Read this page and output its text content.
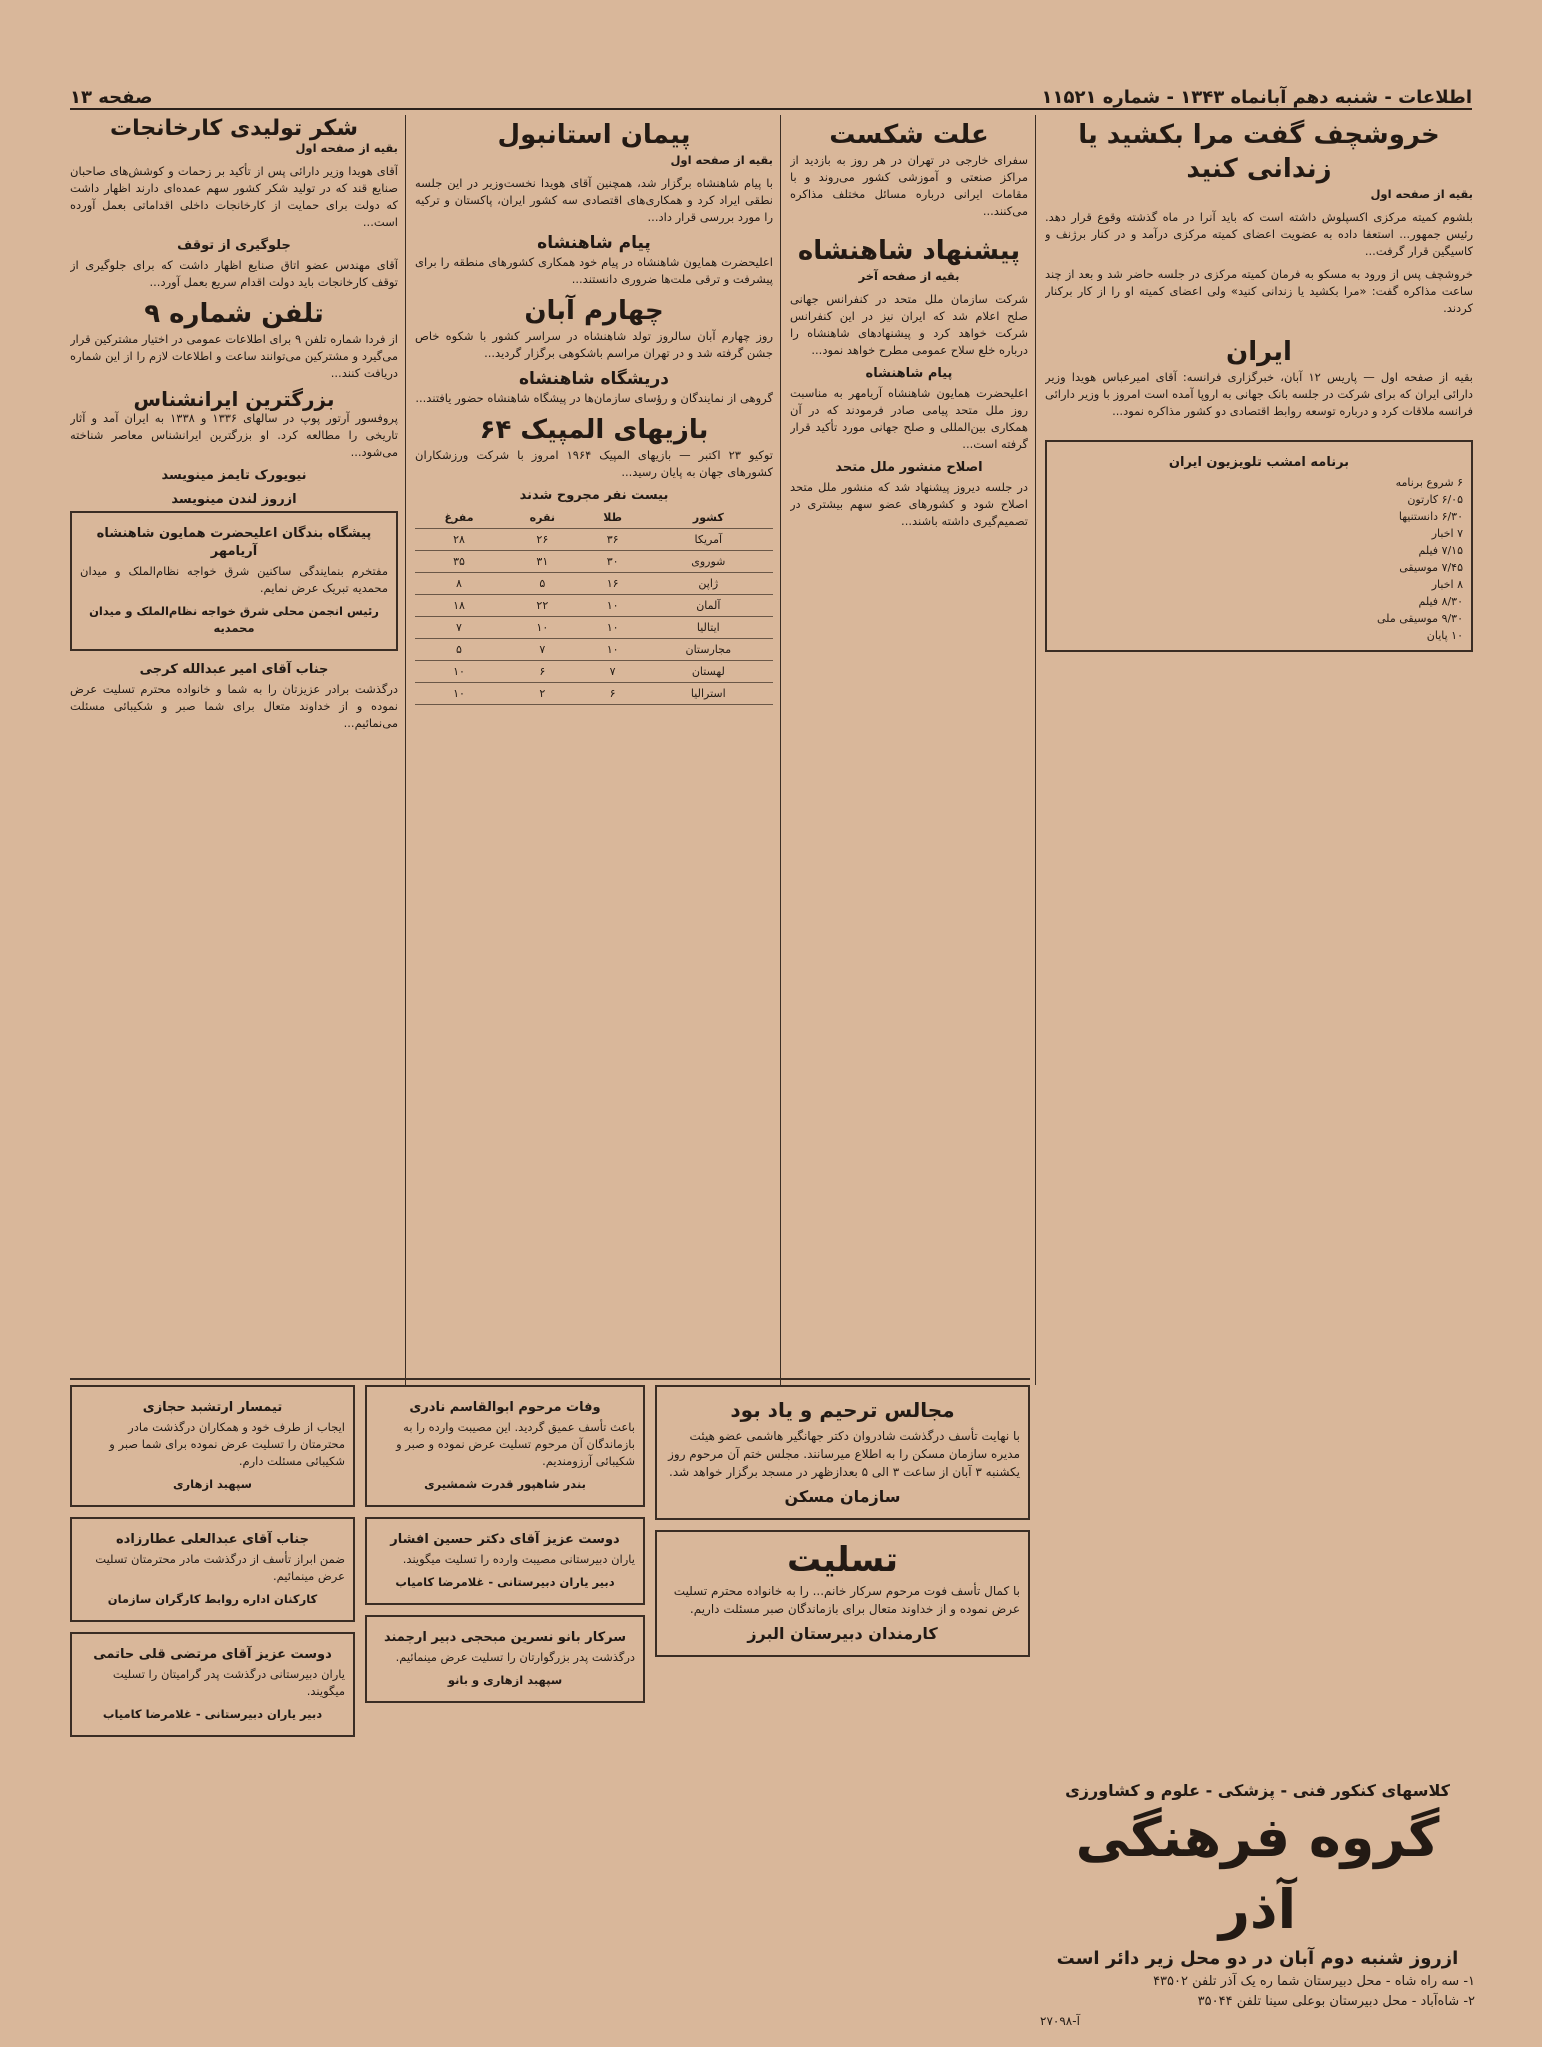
اطلاعات - شنبه دهم آبانماه ۱۳۴۳ - شماره ۱۱۵۲۱
صفحه ۱۳
خروشچف گفت مرا بکشید یا زندانی کنید

بقیه از صفحه اول

بلشوم کمیته مرکزی اکسپلوش داشته است که باید آنرا در ماه گذشته وقوع قرار دهد. رئیس جمهور... استعفا داده به عضویت اعضای کمیته مرکزی درآمد و در کنار برژنف و کاسیگین قرار گرفت...

خروشچف پس از ورود به مسکو به فرمان کمیته مرکزی در جلسه حاضر شد و بعد از چند ساعت مذاکره گفت: «مرا بکشید یا زندانی کنید» ولی اعضای کمیته او را از کار برکنار کردند.

ایران

بقیه از صفحه اول — پاریس ۱۲ آبان، خبرگزاری فرانسه: آقای امیرعباس هویدا وزیر دارائی ایران که برای شرکت در جلسه بانک جهانی به اروپا آمده است امروز با وزیر دارائی فرانسه ملاقات کرد و درباره توسعه روابط اقتصادی دو کشور مذاکره نمود...

برنامه امشب تلویزیون ایران
۶ شروع برنامه
۶/۰۵ کارتون
۶/۳۰ دانستنیها
۷ اخبار
۷/۱۵ فیلم
۷/۴۵ موسیقی
۸ اخبار
۸/۳۰ فیلم
۹/۳۰ موسیقی ملی
۱۰ پایان
علت شکست

سفرای خارجی در تهران در هر روز به بازدید از مراکز صنعتی و آموزشی کشور می‌روند و با مقامات ایرانی درباره مسائل مختلف مذاکره می‌کنند...

پیشنهاد شاهنشاه

بقیه از صفحه آخر

شرکت سازمان ملل متحد در کنفرانس جهانی صلح اعلام شد که ایران نیز در این کنفرانس شرکت خواهد کرد و پیشنهادهای شاهنشاه را درباره خلع سلاح عمومی مطرح خواهد نمود...

پیام شاهنشاه

اعلیحضرت همایون شاهنشاه آریامهر به مناسبت روز ملل متحد پیامی صادر فرمودند که در آن همکاری بین‌المللی و صلح جهانی مورد تأکید قرار گرفته است...

اصلاح منشور ملل متحد

در جلسه دیروز پیشنهاد شد که منشور ملل متحد اصلاح شود و کشورهای عضو سهم بیشتری در تصمیم‌گیری داشته باشند...

پیمان استانبول

بقیه از صفحه اول

با پیام شاهنشاه برگزار شد، همچنین آقای هویدا نخست‌وزیر در این جلسه نطقی ایراد کرد و همکاری‌های اقتصادی سه کشور ایران، پاکستان و ترکیه را مورد بررسی قرار داد...

پیام شاهنشاه

اعلیحضرت همایون شاهنشاه در پیام خود همکاری کشورهای منطقه را برای پیشرفت و ترقی ملت‌ها ضروری دانستند...

چهارم آبان

روز چهارم آبان سالروز تولد شاهنشاه در سراسر کشور با شکوه خاص جشن گرفته شد و در تهران مراسم باشکوهی برگزار گردید...

دریشگاه شاهنشاه

گروهی از نمایندگان و رؤسای سازمان‌ها در پیشگاه شاهنشاه حضور یافتند...

بازیهای المپیک ۶۴

توکیو ۲۳ اکتبر — بازیهای المپیک ۱۹۶۴ امروز با شرکت ورزشکاران کشورهای جهان به پایان رسید...

بیست نفر مجروح شدند
کشور	طلا	نقره	مفرغ
آمریکا	۳۶	۲۶	۲۸
شوروی	۳۰	۳۱	۳۵
ژاپن	۱۶	۵	۸
آلمان	۱۰	۲۲	۱۸
ایتالیا	۱۰	۱۰	۷
مجارستان	۱۰	۷	۵
لهستان	۷	۶	۱۰
استرالیا	۶	۲	۱۰
شکر تولیدی کارخانجات

بقیه از صفحه اول

آقای هویدا وزیر دارائی پس از تأکید بر زحمات و کوشش‌های صاحبان صنایع قند که در تولید شکر کشور سهم عمده‌ای دارند اظهار داشت که دولت برای حمایت از کارخانجات داخلی اقداماتی بعمل آورده است...

جلوگیری از توقف

آقای مهندس عضو اتاق صنایع اظهار داشت که برای جلوگیری از توقف کارخانجات باید دولت اقدام سریع بعمل آورد...

تلفن شماره ۹

از فردا شماره تلفن ۹ برای اطلاعات عمومی در اختیار مشترکین قرار می‌گیرد و مشترکین می‌توانند ساعت و اطلاعات لازم را از این شماره دریافت کنند...

بزرگترین ایرانشناس

پروفسور آرتور پوپ در سالهای ۱۳۳۶ و ۱۳۳۸ به ایران آمد و آثار تاریخی را مطالعه کرد. او بزرگترین ایرانشناس معاصر شناخته می‌شود...

نیویورک تایمز مینویسد
ازروز لندن مینویسد
پیشگاه بندگان اعلیحضرت همایون شاهنشاه آریامهر

مفتخرم بنمایندگی ساکنین شرق خواجه نظام‌الملک و میدان محمدیه تبریک عرض نمایم.

رئیس انجمن محلی شرق خواجه نظام‌الملک و میدان محمدیه

جناب آقای امیر عبدالله کرجی

درگذشت برادر عزیزتان را به شما و خانواده محترم تسلیت عرض نموده و از خداوند متعال برای شما صبر و شکیبائی مسئلت می‌نمائیم...

مجالس ترحیم و یاد بود

با نهایت تأسف درگذشت شادروان دکتر جهانگیر هاشمی عضو هیئت مدیره سازمان مسکن را به اطلاع میرسانند. مجلس ختم آن مرحوم روز یکشنبه ۳ آبان از ساعت ۳ الی ۵ بعدازظهر در مسجد برگزار خواهد شد.

سازمان مسکن

تسلیت

با کمال تأسف فوت مرحوم سرکار خانم... را به خانواده محترم تسلیت عرض نموده و از خداوند متعال برای بازماندگان صبر مسئلت داریم.

کارمندان دبیرستان البرز

وفات مرحوم ابوالقاسم نادری

باعث تأسف عمیق گردید. این مصیبت وارده را به بازماندگان آن مرحوم تسلیت عرض نموده و صبر و شکیبائی آرزومندیم.

بندر شاهپور قدرت شمشیری

دوست عزیز آقای دکتر حسین افشار

یاران دبیرستانی مصیبت وارده را تسلیت میگویند.

دبیر یاران دبیرستانی - غلامرضا کامیاب

سرکار بانو نسرین مبحجی دبیر ارجمند

درگذشت پدر بزرگوارتان را تسلیت عرض مینمائیم.

سپهبد ازهاری و بانو

تیمسار ارتشبد حجازی

ایجاب از طرف خود و همکاران درگذشت مادر محترمتان را تسلیت عرض نموده برای شما صبر و شکیبائی مسئلت دارم.

سپهبد ازهاری

جناب آقای عبدالعلی عطارزاده

ضمن ابراز تأسف از درگذشت مادر محترمتان تسلیت عرض مینمائیم.

کارکنان اداره روابط کارگران سازمان

دوست عزیز آقای مرتضی قلی حاتمی

یاران دبیرستانی درگذشت پدر گرامیتان را تسلیت میگویند.

دبیر یاران دبیرستانی - غلامرضا کامیاب

کلاسهای کنکور فنی - پزشکی - علوم و کشاورزی
گروه فرهنگی آذر
ازروز شنبه دوم آبان در دو محل زیر دائر است
۱- سه راه شاه - محل دبیرستان شما ره یک آذر تلفن ۴۳۵۰۲
۲- شاه‌آباد - محل دبیرستان بوعلی سینا تلفن ۳۵۰۴۴
آ-۲۷۰۹۸
